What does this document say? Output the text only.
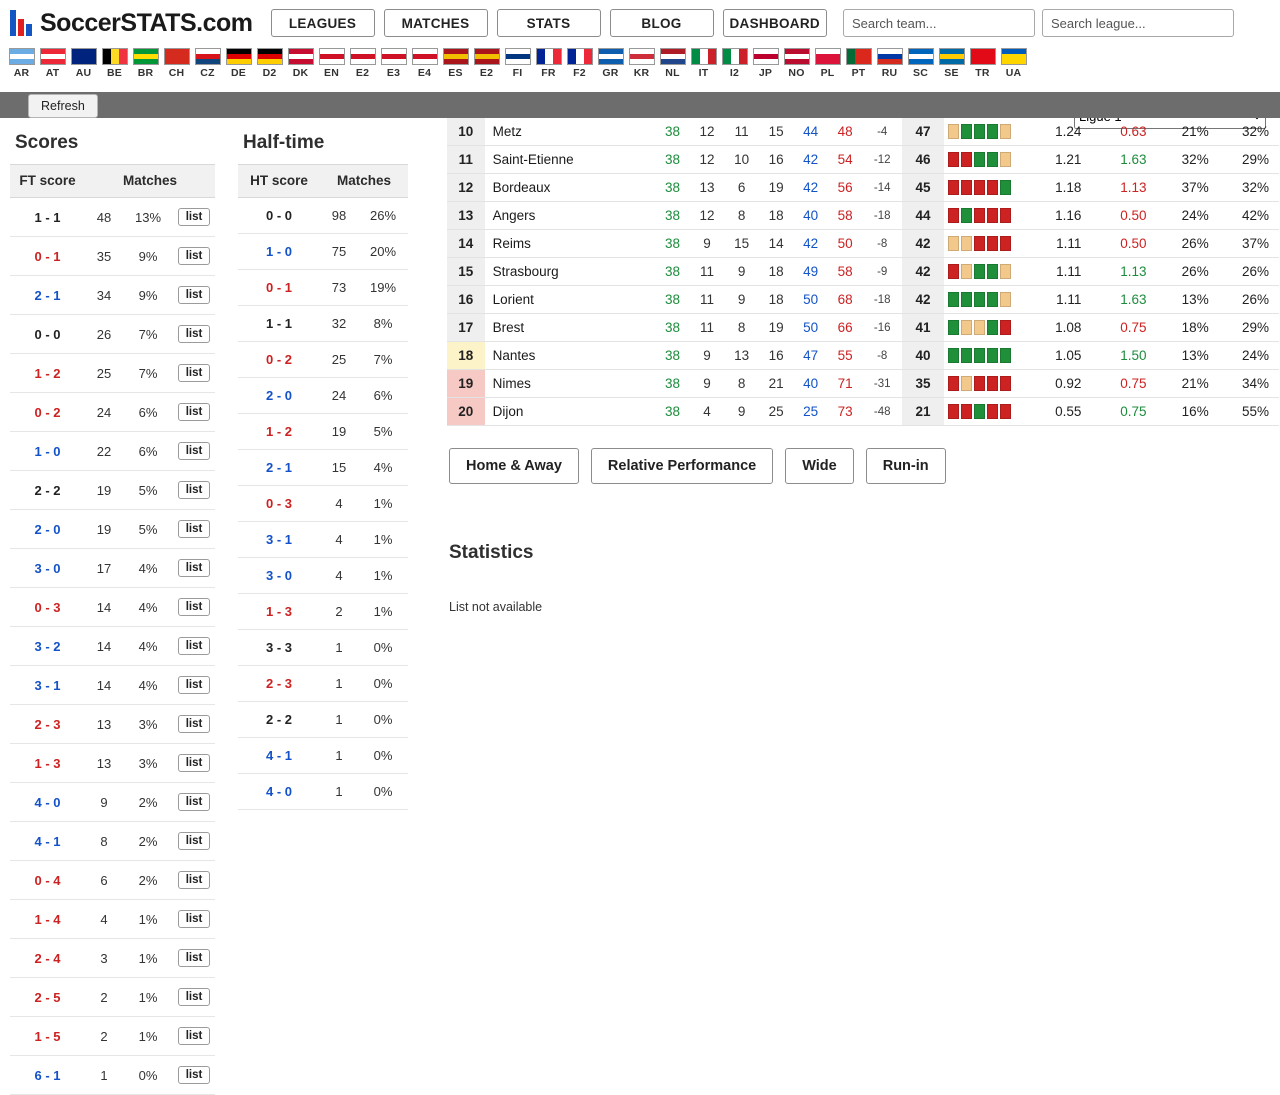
SoccerSTATS.com	LEAGUES	MATCHES	STATS	BLOG	DASHBOARD
Search team...
Search league...
AR	AT	AU	BE	BR	CH	CZ	DE	D2	DK	EN	E2	E3	E4	ES	E2	FI	FR	F2	GR	KR	NL	IT	I2	JP	NO	PL	PT	RU	SC	SE	TR	UA
Ligue 1
Refresh
Scores
FT score	Matches		
1 - 1	48	13%	list
0 - 1	35	9%	list
2 - 1	34	9%	list
0 - 0	26	7%	list
1 - 2	25	7%	list
0 - 2	24	6%	list
1 - 0	22	6%	list
2 - 2	19	5%	list
2 - 0	19	5%	list
3 - 0	17	4%	list
0 - 3	14	4%	list
3 - 2	14	4%	list
3 - 1	14	4%	list
2 - 3	13	3%	list
1 - 3	13	3%	list
4 - 0	9	2%	list
4 - 1	8	2%	list
0 - 4	6	2%	list
1 - 4	4	1%	list
2 - 4	3	1%	list
2 - 5	2	1%	list
1 - 5	2	1%	list
6 - 1	1	0%	list
Half-time
HT score	Matches	
0 - 0	98	26%
1 - 0	75	20%
0 - 1	73	19%
1 - 1	32	8%
0 - 2	25	7%
2 - 0	24	6%
1 - 2	19	5%
2 - 1	15	4%
0 - 3	4	1%
3 - 1	4	1%
3 - 0	4	1%
1 - 3	2	1%
3 - 3	1	0%
2 - 3	1	0%
2 - 2	1	0%
4 - 1	1	0%
4 - 0	1	0%
10	Metz	38	12	11	15	44	48	-4	47		1.24	0.63	21%	32%
11	Saint-Etienne	38	12	10	16	42	54	-12	46		1.21	1.63	32%	29%
12	Bordeaux	38	13	6	19	42	56	-14	45		1.18	1.13	37%	32%
13	Angers	38	12	8	18	40	58	-18	44		1.16	0.50	24%	42%
14	Reims	38	9	15	14	42	50	-8	42		1.11	0.50	26%	37%
15	Strasbourg	38	11	9	18	49	58	-9	42		1.11	1.13	26%	26%
16	Lorient	38	11	9	18	50	68	-18	42		1.11	1.63	13%	26%
17	Brest	38	11	8	19	50	66	-16	41		1.08	0.75	18%	29%
18	Nantes	38	9	13	16	47	55	-8	40		1.05	1.50	13%	24%
19	Nimes	38	9	8	21	40	71	-31	35		0.92	0.75	21%	34%
20	Dijon	38	4	9	25	25	73	-48	21		0.55	0.75	16%	55%
Home & Away	Relative Performance	Wide	Run-in
Statistics
List not available
